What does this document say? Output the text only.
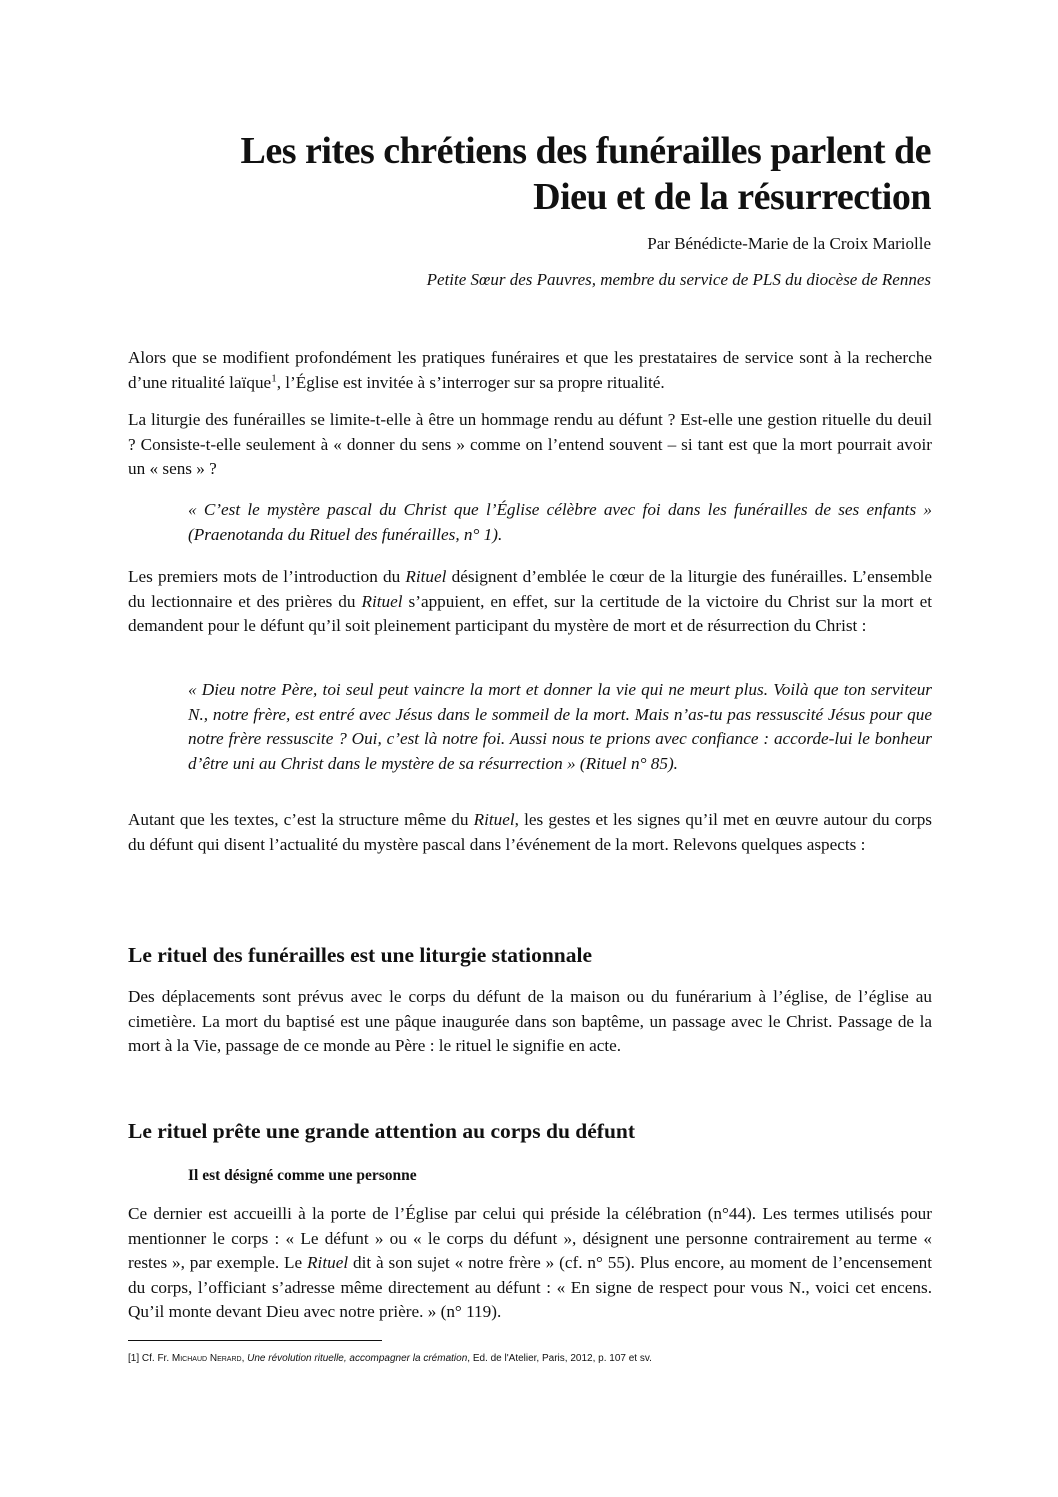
Les rites chrétiens des funérailles parlent de
Dieu et de la résurrection
Par Bénédicte-Marie de la Croix Mariolle
Petite Sœur des Pauvres, membre du service de PLS du diocèse de Rennes

Alors que se modifient profondément les pratiques funéraires et que les prestataires de service sont à la recherche d’une ritualité laïque$^1$, l’Église est invitée à s’interroger sur sa propre ritualité.

La liturgie des funérailles se limite-t-elle à être un hommage rendu au défunt ? Est-elle une gestion rituelle du deuil ? Consiste-t-elle seulement à « donner du sens » comme on l’entend souvent – si tant est que la mort pourrait avoir un « sens » ?

« C’est le mystère pascal du Christ que l’Église célèbre avec foi dans les funérailles de ses enfants » (Praenotanda du Rituel des funérailles, n° 1).

Les premiers mots de l’introduction du Rituel désignent d’emblée le cœur de la liturgie des funérailles. L’ensemble du lectionnaire et des prières du Rituel s’appuient, en effet, sur la certitude de la victoire du Christ sur la mort et demandent pour le défunt qu’il soit pleinement participant du mystère de mort et de résurrection du Christ :

« Dieu notre Père, toi seul peut vaincre la mort et donner la vie qui ne meurt plus. Voilà que ton serviteur N., notre frère, est entré avec Jésus dans le sommeil de la mort. Mais n’as-tu pas ressuscité Jésus pour que notre frère ressuscite ? Oui, c’est là notre foi. Aussi nous te prions avec confiance : accorde-lui le bonheur d’être uni au Christ dans le mystère de sa résurrection » (Rituel n° 85).

Autant que les textes, c’est la structure même du Rituel, les gestes et les signes qu’il met en œuvre autour du corps du défunt qui disent l’actualité du mystère pascal dans l’événement de la mort. Relevons quelques aspects :

Le rituel des funérailles est une liturgie stationnale

Des déplacements sont prévus avec le corps du défunt de la maison ou du funérarium à l’église, de l’église au cimetière. La mort du baptisé est une pâque inaugurée dans son baptême, un passage avec le Christ. Passage de la mort à la Vie, passage de ce monde au Père : le rituel le signifie en acte.

Le rituel prête une grande attention au corps du défunt
Il est désigné comme une personne

Ce dernier est accueilli à la porte de l’Église par celui qui préside la célébration (n°44). Les termes utilisés pour mentionner le corps : « Le défunt » ou « le corps du défunt », désignent une personne contrairement au terme « restes », par exemple. Le Rituel dit à son sujet « notre frère » (cf. n° 55). Plus encore, au moment de l’encensement du corps, l’officiant s’adresse même directement au défunt : « En signe de respect pour vous N., voici cet encens. Qu’il monte devant Dieu avec notre prière. » (n° 119).

[1] Cf. Fr. Michaud Nerard, Une révolution rituelle, accompagner la crémation, Ed. de l'Atelier, Paris, 2012, p. 107 et sv.
